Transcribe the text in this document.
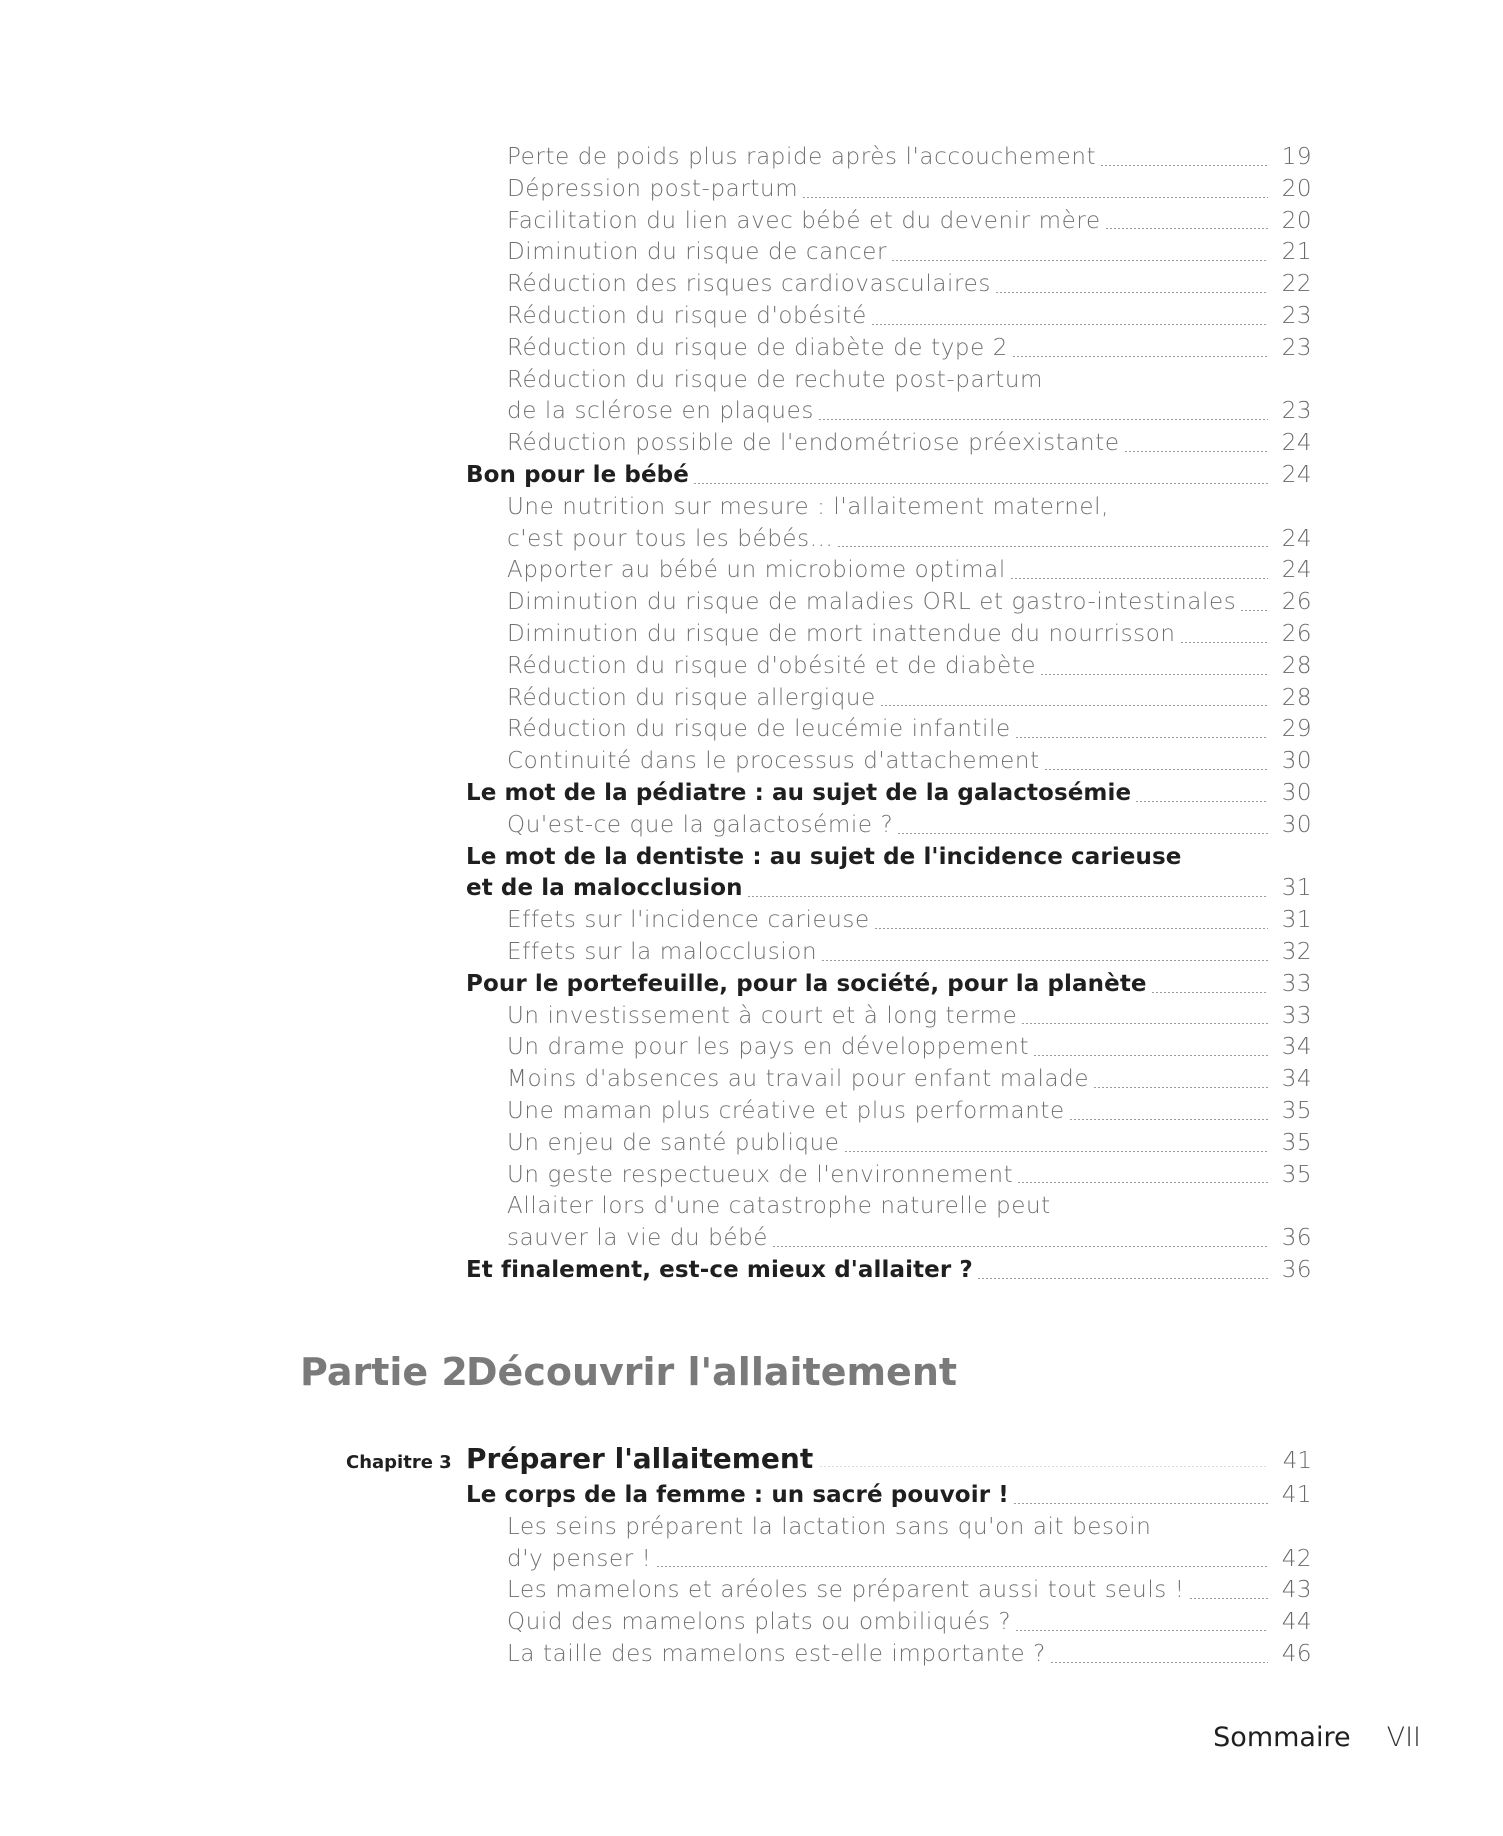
Perte de poids plus rapide après l'accouchement	19
Dépression post-partum	20
Facilitation du lien avec bébé et du devenir mère	20
Diminution du risque de cancer	21
Réduction des risques cardiovasculaires	22
Réduction du risque d'obésité	23
Réduction du risque de diabète de type 2	23
Réduction du risque de rechute post-partum
de la sclérose en plaques	23
Réduction possible de l'endométriose préexistante	24
Bon pour le bébé	24
Une nutrition sur mesure : l'allaitement maternel,
c'est pour tous les bébés...	24
Apporter au bébé un microbiome optimal	24
Diminution du risque de maladies ORL et gastro-intestinales 26
Diminution du risque de mort inattendue du nourrisson	26
Réduction du risque d'obésité et de diabète	28
Réduction du risque allergique	28
Réduction du risque de leucémie infantile	29
Continuité dans le processus d'attachement	30
Le mot de la pédiatre : au sujet de la galactosémie	30
Qu'est-ce que la galactosémie ?	30
Le mot de la dentiste : au sujet de l'incidence carieuse
et de la malocclusion	31
Effets sur l'incidence carieuse	31
Effets sur la malocclusion	32
Pour le portefeuille, pour la société, pour la planète	33
Un investissement à court et à long terme	33
Un drame pour les pays en développement	34
Moins d'absences au travail pour enfant malade	34
Une maman plus créative et plus performante	35
Un enjeu de santé publique	35
Un geste respectueux de l'environnement	35
Allaiter lors d'une catastrophe naturelle peut
sauver la vie du bébé	36
Et finalement, est-ce mieux d'allaiter ?	36
Partie 2Découvrir l'allaitement
Chapitre 3 Préparer l'allaitement	41
Le corps de la femme : un sacré pouvoir !	41
Les seins préparent la lactation sans qu'on ait besoin
d'y penser !	42
Les mamelons et aréoles se préparent aussi tout seuls !	43
Quid des mamelons plats ou ombiliqués ?	44
La taille des mamelons est-elle importante ?	46
Sommaire VII
